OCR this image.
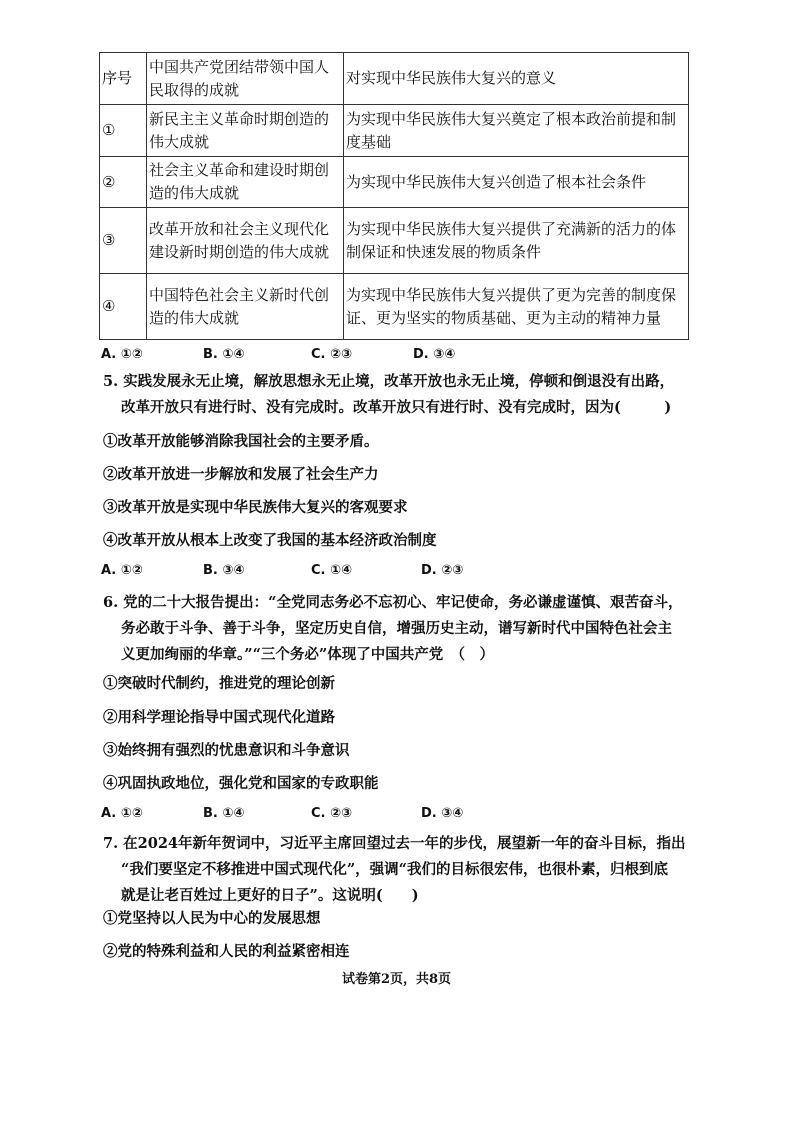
序号	中国共产党团结带领中国人民取得的成就	对实现中华民族伟大复兴的意义
①	新民主主义革命时期创造的伟大成就	为实现中华民族伟大复兴奠定了根本政治前提和制度基础
②	社会主义革命和建设时期创造的伟大成就	为实现中华民族伟大复兴创造了根本社会条件
③	改革开放和社会主义现代化建设新时期创造的伟大成就	为实现中华民族伟大复兴提供了充满新的活力的体制保证和快速发展的物质条件
④	中国特色社会主义新时代创造的伟大成就	为实现中华民族伟大复兴提供了更为完善的制度保证、更为坚实的物质基础、更为主动的精神力量
A. ①②	B. ①④	C. ②③	D. ③④
5. 实践发展永无止境，解放思想永无止境，改革开放也永无止境，停顿和倒退没有出路，
改革开放只有进行时、没有完成时。改革开放只有进行时、没有完成时，因为(　　　)
①改革开放能够消除我国社会的主要矛盾。
②改革开放进一步解放和发展了社会生产力
③改革开放是实现中华民族伟大复兴的客观要求
④改革开放从根本上改变了我国的基本经济政治制度
A. ①②	B. ③④	C. ①④	D. ②③
6. 党的二十大报告提出：“全党同志务必不忘初心、牢记使命，务必谦虚谨慎、艰苦奋斗，
务必敢于斗争、善于斗争，坚定历史自信，增强历史主动，谱写新时代中国特色社会主
义更加绚丽的华章。”“三个务必”体现了中国共产党　（　）
①突破时代制约，推进党的理论创新
②用科学理论指导中国式现代化道路
③始终拥有强烈的忧患意识和斗争意识
④巩固执政地位，强化党和国家的专政职能
A. ①②	B. ①④	C. ②③	D. ③④
7. 在2024年新年贺词中，习近平主席回望过去一年的步伐，展望新一年的奋斗目标，指出
“我们要坚定不移推进中国式现代化”，强调“我们的目标很宏伟，也很朴素，归根到底
就是让老百姓过上更好的日子”。这说明(　　)
①党坚持以人民为中心的发展思想
②党的特殊利益和人民的利益紧密相连
试卷第2页，共8页
